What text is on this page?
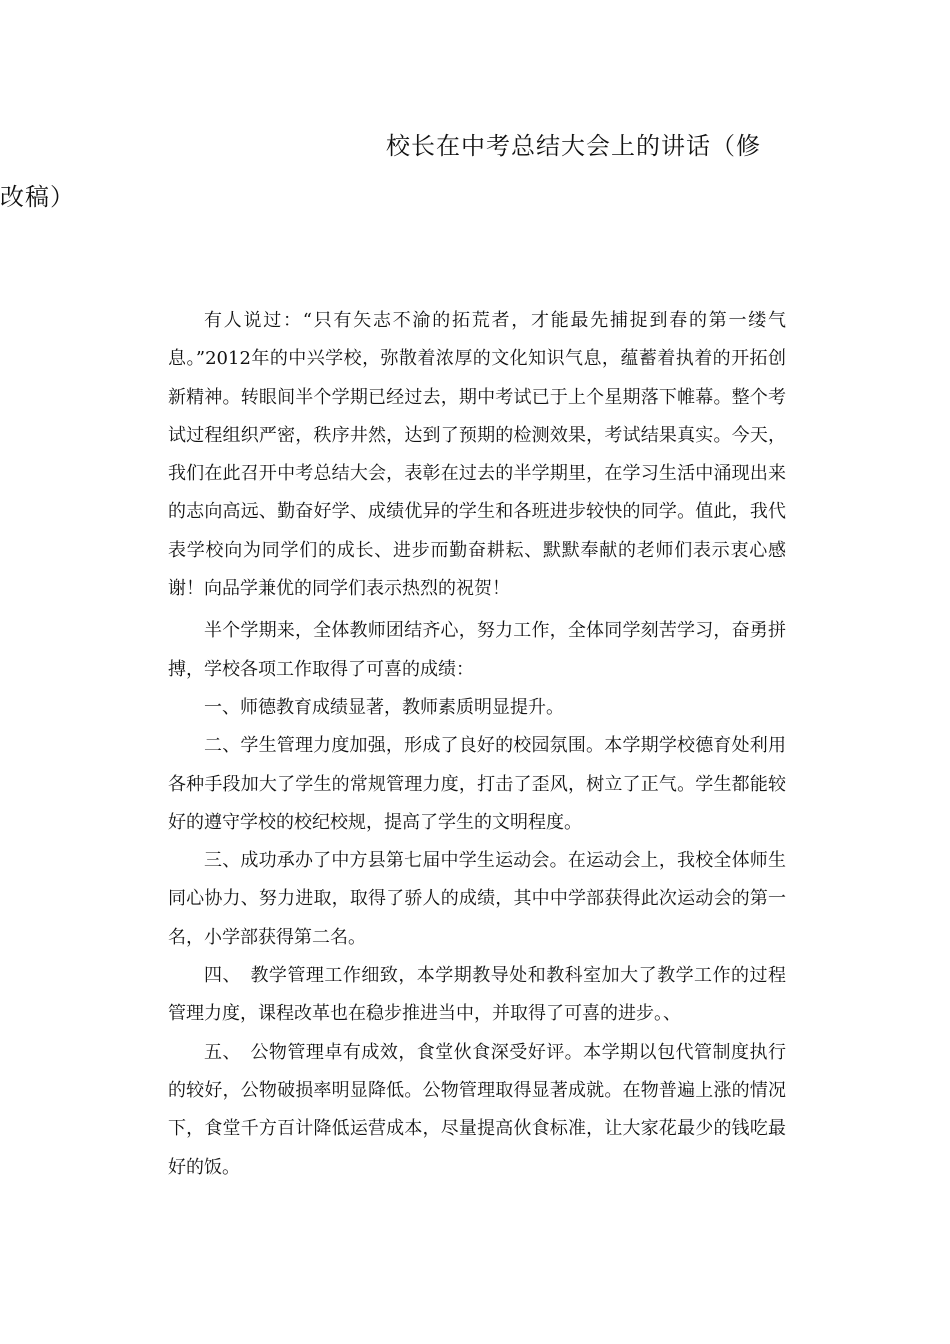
校长在中考总结大会上的讲话（修
改稿）

有人说过：“只有矢志不渝的拓荒者，才能最先捕捉到春的第一缕气息。”2012年的中兴学校，弥散着浓厚的文化知识气息，蕴蓄着执着的开拓创新精神。转眼间半个学期已经过去，期中考试已于上个星期落下帷幕。整个考试过程组织严密，秩序井然，达到了预期的检测效果，考试结果真实。今天，我们在此召开中考总结大会，表彰在过去的半学期里，在学习生活中涌现出来的志向高远、勤奋好学、成绩优异的学生和各班进步较快的同学。值此，我代表学校向为同学们的成长、进步而勤奋耕耘、默默奉献的老师们表示衷心感谢！向品学兼优的同学们表示热烈的祝贺！

半个学期来，全体教师团结齐心，努力工作，全体同学刻苦学习，奋勇拼搏，学校各项工作取得了可喜的成绩：

一、师德教育成绩显著，教师素质明显提升。

二、学生管理力度加强，形成了良好的校园氛围。本学期学校德育处利用各种手段加大了学生的常规管理力度，打击了歪风，树立了正气。学生都能较好的遵守学校的校纪校规，提高了学生的文明程度。

三、成功承办了中方县第七届中学生运动会。在运动会上，我校全体师生同心协力、努力进取，取得了骄人的成绩，其中中学部获得此次运动会的第一名，小学部获得第二名。

四、　教学管理工作细致，本学期教导处和教科室加大了教学工作的过程管理力度，课程改革也在稳步推进当中，并取得了可喜的进步。、

五、　公物管理卓有成效，食堂伙食深受好评。本学期以包代管制度执行的较好，公物破损率明显降低。公物管理取得显著成就。在物普遍上涨的情况下，食堂千方百计降低运营成本，尽量提高伙食标准，让大家花最少的钱吃最好的饭。
